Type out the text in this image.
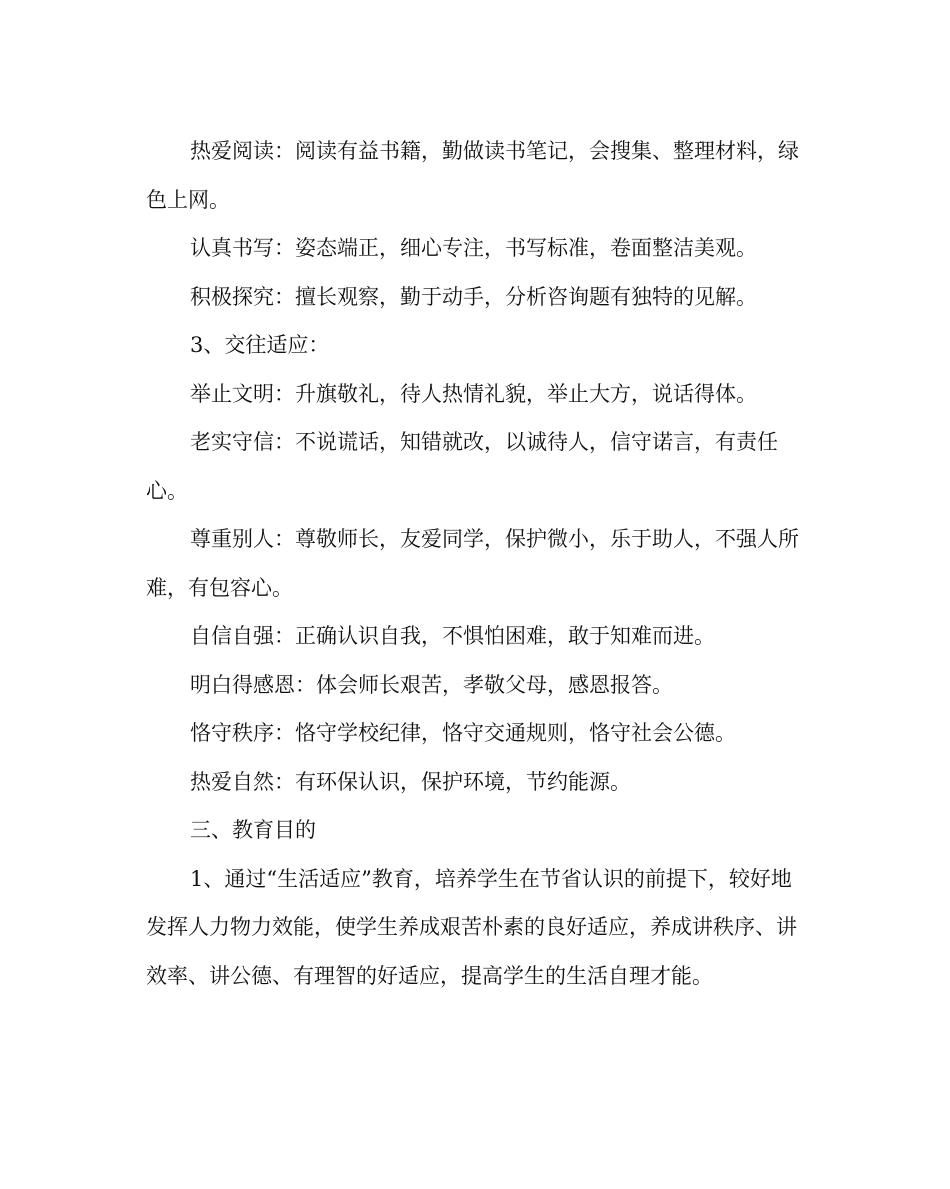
热爱阅读：阅读有益书籍，勤做读书笔记，会搜集、整理材料，绿色上网。

认真书写：姿态端正，细心专注，书写标准，卷面整洁美观。

积极探究：擅长观察，勤于动手，分析咨询题有独特的见解。

3、交往适应：

举止文明：升旗敬礼，待人热情礼貌，举止大方，说话得体。

老实守信：不说谎话，知错就改，以诚待人，信守诺言，有责任心。

尊重别人：尊敬师长，友爱同学，保护微小，乐于助人，不强人所难，有包容心。

自信自强：正确认识自我，不惧怕困难，敢于知难而进。

明白得感恩：体会师长艰苦，孝敬父母，感恩报答。

恪守秩序：恪守学校纪律，恪守交通规则，恪守社会公德。

热爱自然：有环保认识，保护环境，节约能源。

三、教育目的

1、通过“生活适应”教育，培养学生在节省认识的前提下，较好地发挥人力物力效能，使学生养成艰苦朴素的良好适应，养成讲秩序、讲效率、讲公德、有理智的好适应，提高学生的生活自理才能。
